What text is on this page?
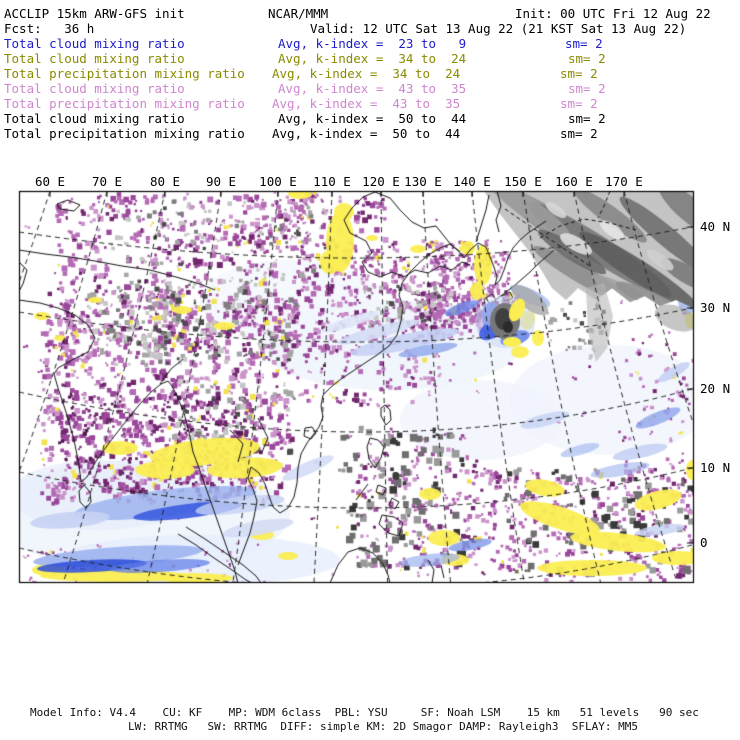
ACCLIP 15km ARW-GFS init	NCAR/MMM	Init: 00 UTC Fri 12 Aug 22
Fcst:   36 h	Valid: 12 UTC Sat 13 Aug 22 (21 KST Sat 13 Aug 22)
Total cloud mixing ratio	Avg, k-index =  23 to   9	sm= 2
Total cloud mixing ratio	Avg, k-index =  34 to  24	sm= 2
Total precipitation mixing ratio Avg, k-index =  34 to  24	sm= 2
Total cloud mixing ratio	Avg, k-index =  43 to  35	sm= 2
Total precipitation mixing ratio Avg, k-index =  43 to  35	sm= 2
Total cloud mixing ratio	Avg, k-index =  50 to  44	sm= 2
Total precipitation mixing ratio Avg, k-index =  50 to  44	sm= 2
60 E 70 E 80 E 90 E 100 E 110 E 120 E 130 E 140 E 150 E 160 E 170 E
40 N
30 N
20 N
10 N
0
Model Info: V4.4    CU: KF    MP: WDM 6class  PBL: YSU     SF: Noah LSM    15 km   51 levels   90 sec
LW: RRTMG   SW: RRTMG  DIFF: simple KM: 2D Smagor DAMP: Rayleigh3  SFLAY: MM5
